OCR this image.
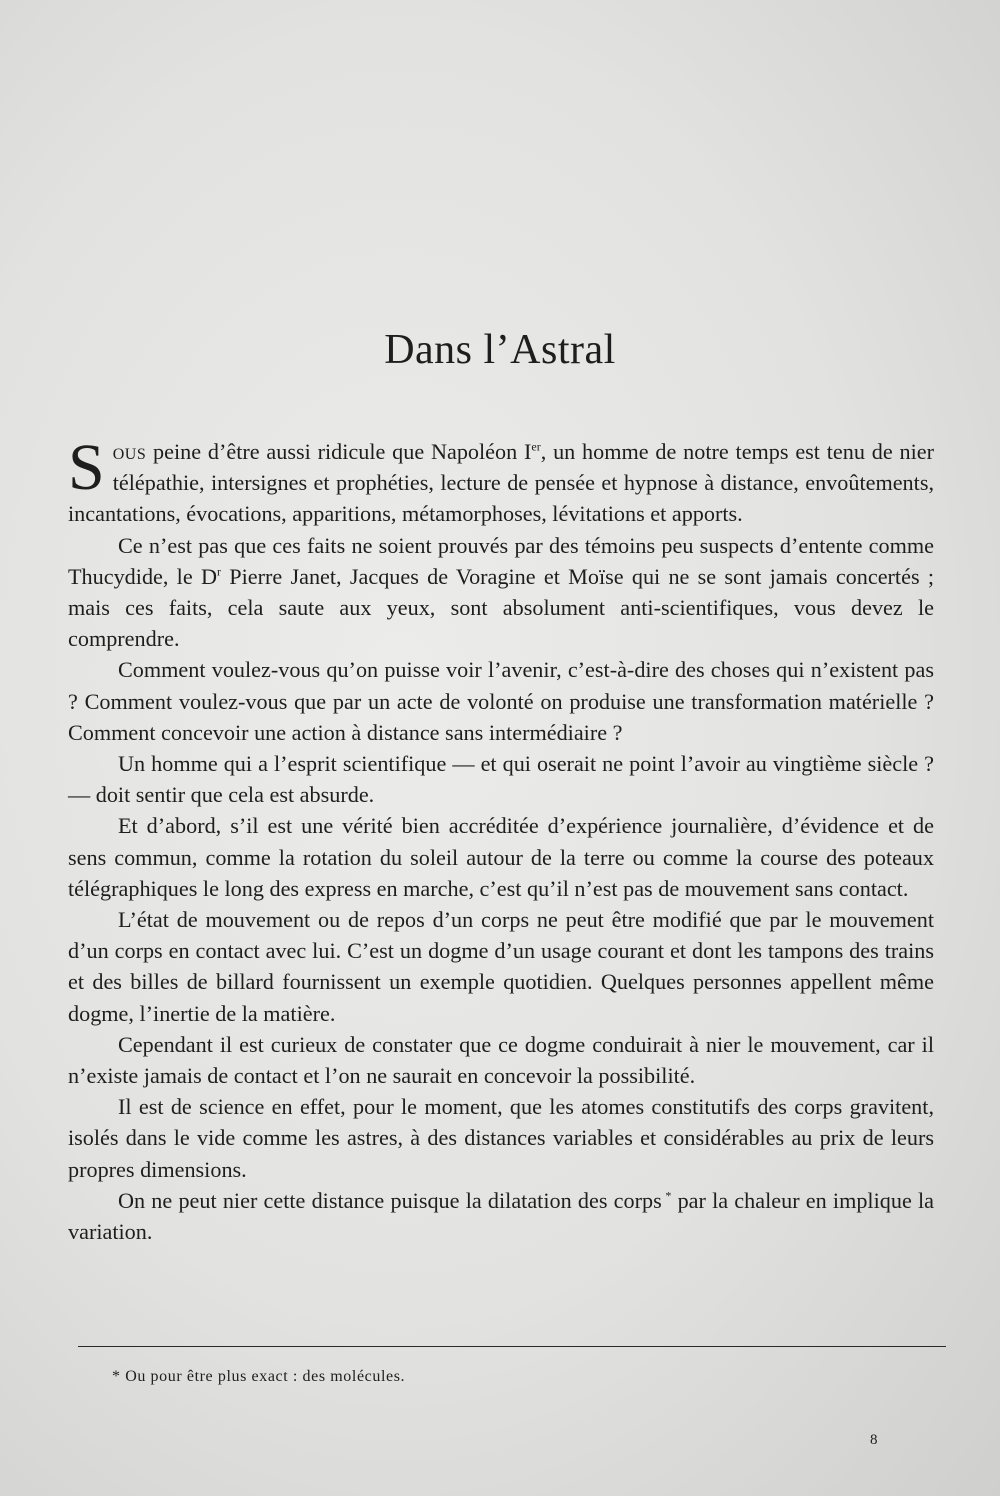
Dans l’Astral

Sous peine d’être aussi ridicule que Napoléon Ier, un homme de notre temps est tenu de nier télépathie, intersignes et prophéties, lecture de pensée et hypnose à distance, envoûtements, incantations, évocations, apparitions, métamorphoses, lévitations et apports.

Ce n’est pas que ces faits ne soient prouvés par des témoins peu suspects d’entente comme Thucydide, le $D^r$ Pierre Janet, Jacques de Voragine et Moïse qui ne se sont jamais concertés ; mais ces faits, cela saute aux yeux, sont absolument anti-scientifiques, vous devez le comprendre.

Comment voulez-vous qu’on puisse voir l’avenir, c’est-à-dire des choses qui n’existent pas ? Comment voulez-vous que par un acte de volonté on produise une transformation matérielle ? Comment concevoir une action à distance sans intermédiaire ?

Un homme qui a l’esprit scientifique — et qui oserait ne point l’avoir au vingtième siècle ? — doit sentir que cela est absurde.

Et d’abord, s’il est une vérité bien accréditée d’expérience journalière, d’évidence et de sens commun, comme la rotation du soleil autour de la terre ou comme la course des poteaux télégraphiques le long des express en marche, c’est qu’il n’est pas de mouvement sans contact.

L’état de mouvement ou de repos d’un corps ne peut être modifié que par le mouvement d’un corps en contact avec lui. C’est un dogme d’un usage courant et dont les tampons des trains et des billes de billard fournissent un exemple quotidien. Quelques personnes appellent même dogme, l’inertie de la matière.

Cependant il est curieux de constater que ce dogme conduirait à nier le mouvement, car il n’existe jamais de contact et l’on ne saurait en concevoir la possibilité.

Il est de science en effet, pour le moment, que les atomes constitutifs des corps gravitent, isolés dans le vide comme les astres, à des distances variables et considérables au prix de leurs propres dimensions.

On ne peut nier cette distance puisque la dilatation des corps * par la chaleur en implique la variation.

* Ou pour être plus exact : des molécules.
8
